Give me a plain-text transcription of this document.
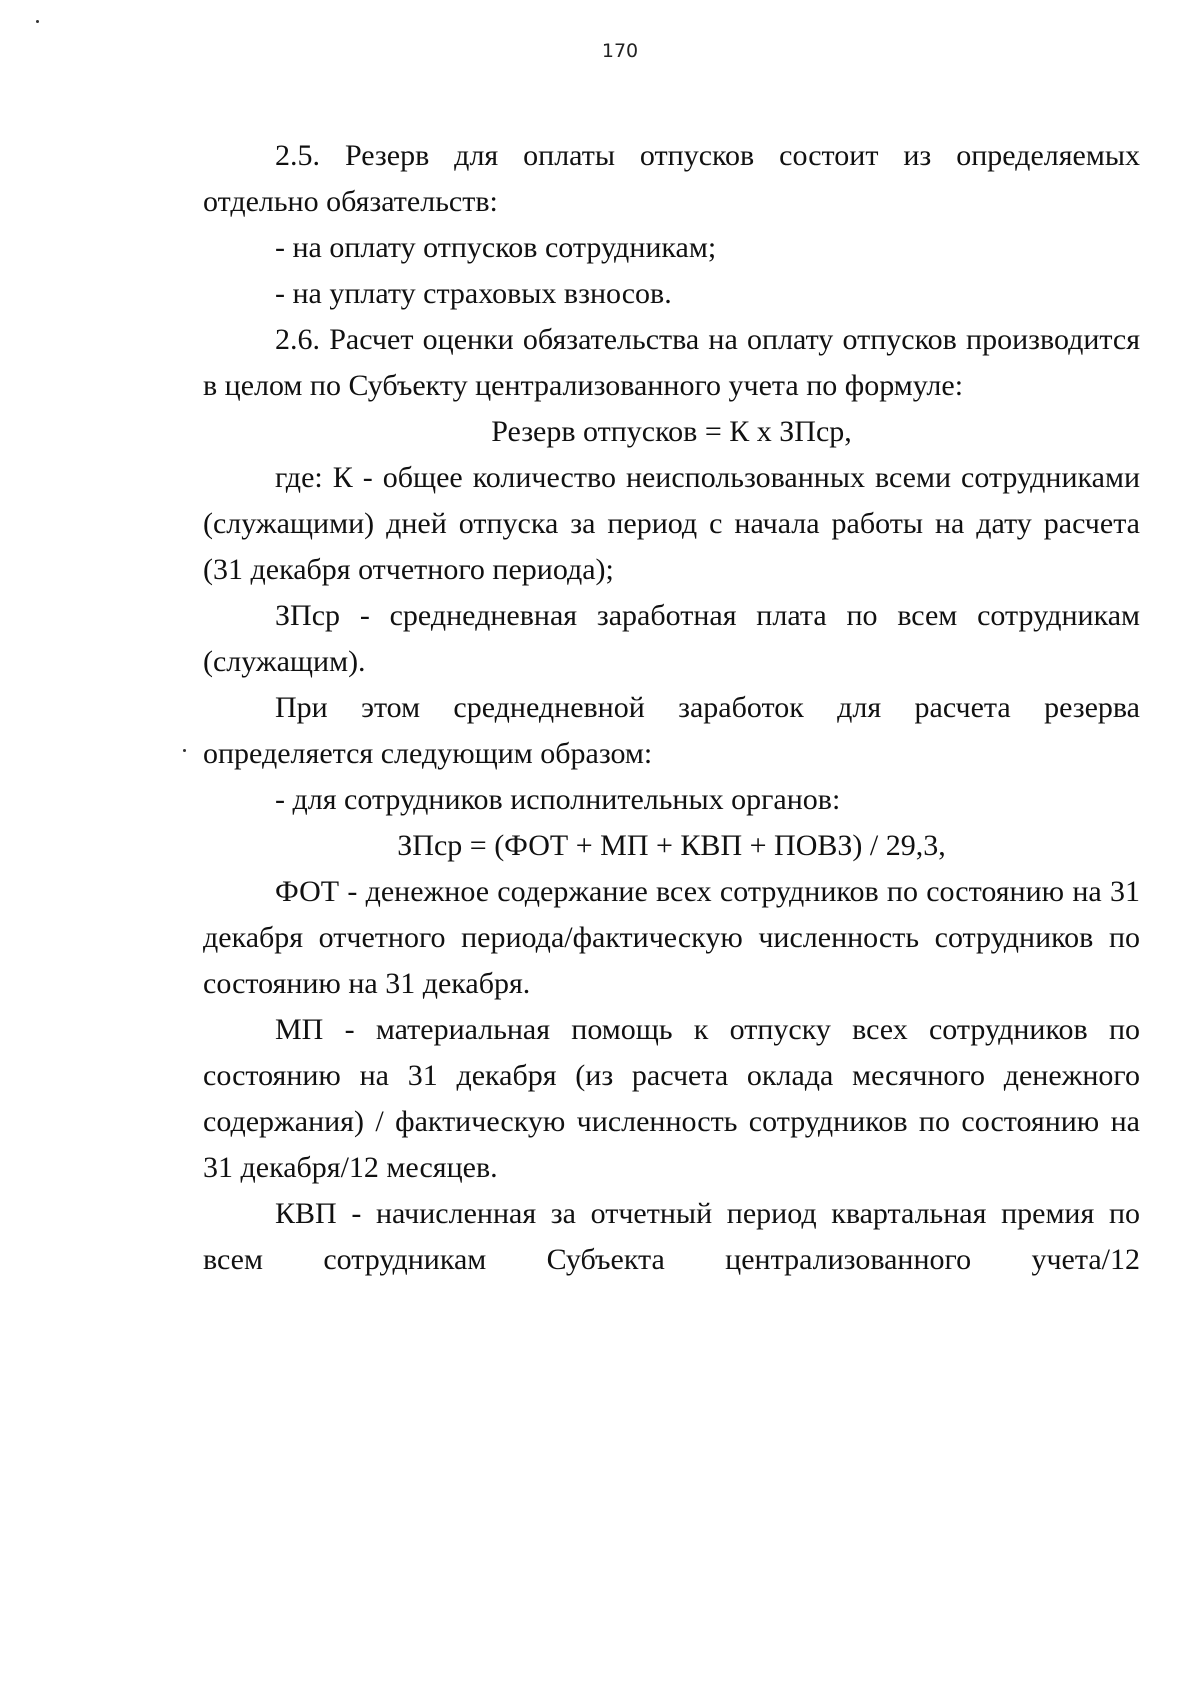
170

2.5. Резерв для оплаты отпусков состоит из определяемых отдельно обязательств:

- на оплату отпусков сотрудникам;

- на уплату страховых взносов.

2.6. Расчет оценки обязательства на оплату отпусков производится в целом по Субъекту централизованного учета по формуле:

Резерв отпусков = К х ЗПср,

где: К - общее количество неиспользованных всеми сотрудниками (служащими) дней отпуска за период с начала работы на дату расчета (31 декабря отчетного периода);

ЗПср - среднедневная заработная плата по всем сотрудникам (служащим).

При этом среднедневной заработок для расчета резерва определяется следующим образом:

- для сотрудников исполнительных органов:

ЗПср = (ФОТ + МП + КВП + ПОВЗ) / 29,3,

ФОТ - денежное содержание всех сотрудников по состоянию на 31 декабря отчетного периода/фактическую численность сотрудников по состоянию на 31 декабря.

МП - материальная помощь к отпуску всех сотрудников по состоянию на 31 декабря (из расчета оклада месячного денежного содержания) / фактическую численность сотрудников по состоянию на 31 декабря/12 месяцев.

КВП - начисленная за отчетный период квартальная премия по всем сотрудникам Субъекта централизованного учета/12
